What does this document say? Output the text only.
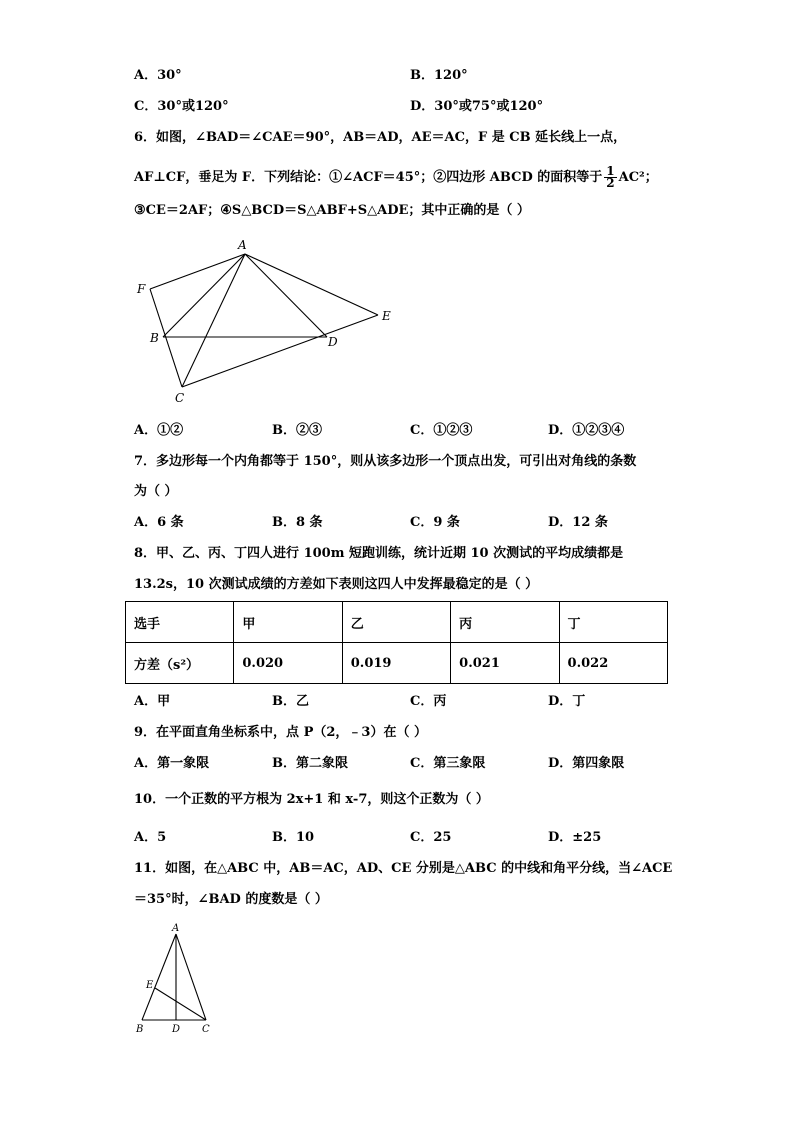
A．30°	B．120°
C．30°或120°	D．30°或75°或120°
6．如图，∠BAD＝∠CAE＝90°，AB＝AD，AE＝AC，F 是 CB 延长线上一点，
AF⊥CF，垂足为 F．下列结论：①∠ACF＝45°；②四边形 ABCD 的面积等于 $\frac{1}{2} AC^2$；
③CE＝2AF；④S△BCD＝S△ABF+S△ADE；其中正确的是（ ）
A
F
B	D
E
C
A．①②	B．②③	C．①②③	D．①②③④
7．多边形每一个内角都等于 150°，则从该多边形一个顶点出发，可引出对角线的条数
为（ ）
A．6 条	B．8 条	C．9 条	D．12 条
8．甲、乙、丙、丁四人进行 100m 短跑训练，统计近期 10 次测试的平均成绩都是
13.2s，10 次测试成绩的方差如下表则这四人中发挥最稳定的是（ ）
选手	甲	乙	丙	丁
方差（s²）	0.020	0.019	0.021	0.022
A．甲	B．乙	C．丙	D．丁
9．在平面直角坐标系中，点 P（2，﹣3）在（ ）
A．第一象限	B．第二象限	C．第三象限	D．第四象限
10．一个正数的平方根为 2x+1 和 x-7，则这个正数为（ ）
A．5	B．10	C．25	D．±25
11．如图，在△ABC 中，AB＝AC，AD、CE 分别是△ABC 的中线和角平分线，当∠ACE
＝35°时，∠BAD 的度数是（ ）
A
E
B	D C
